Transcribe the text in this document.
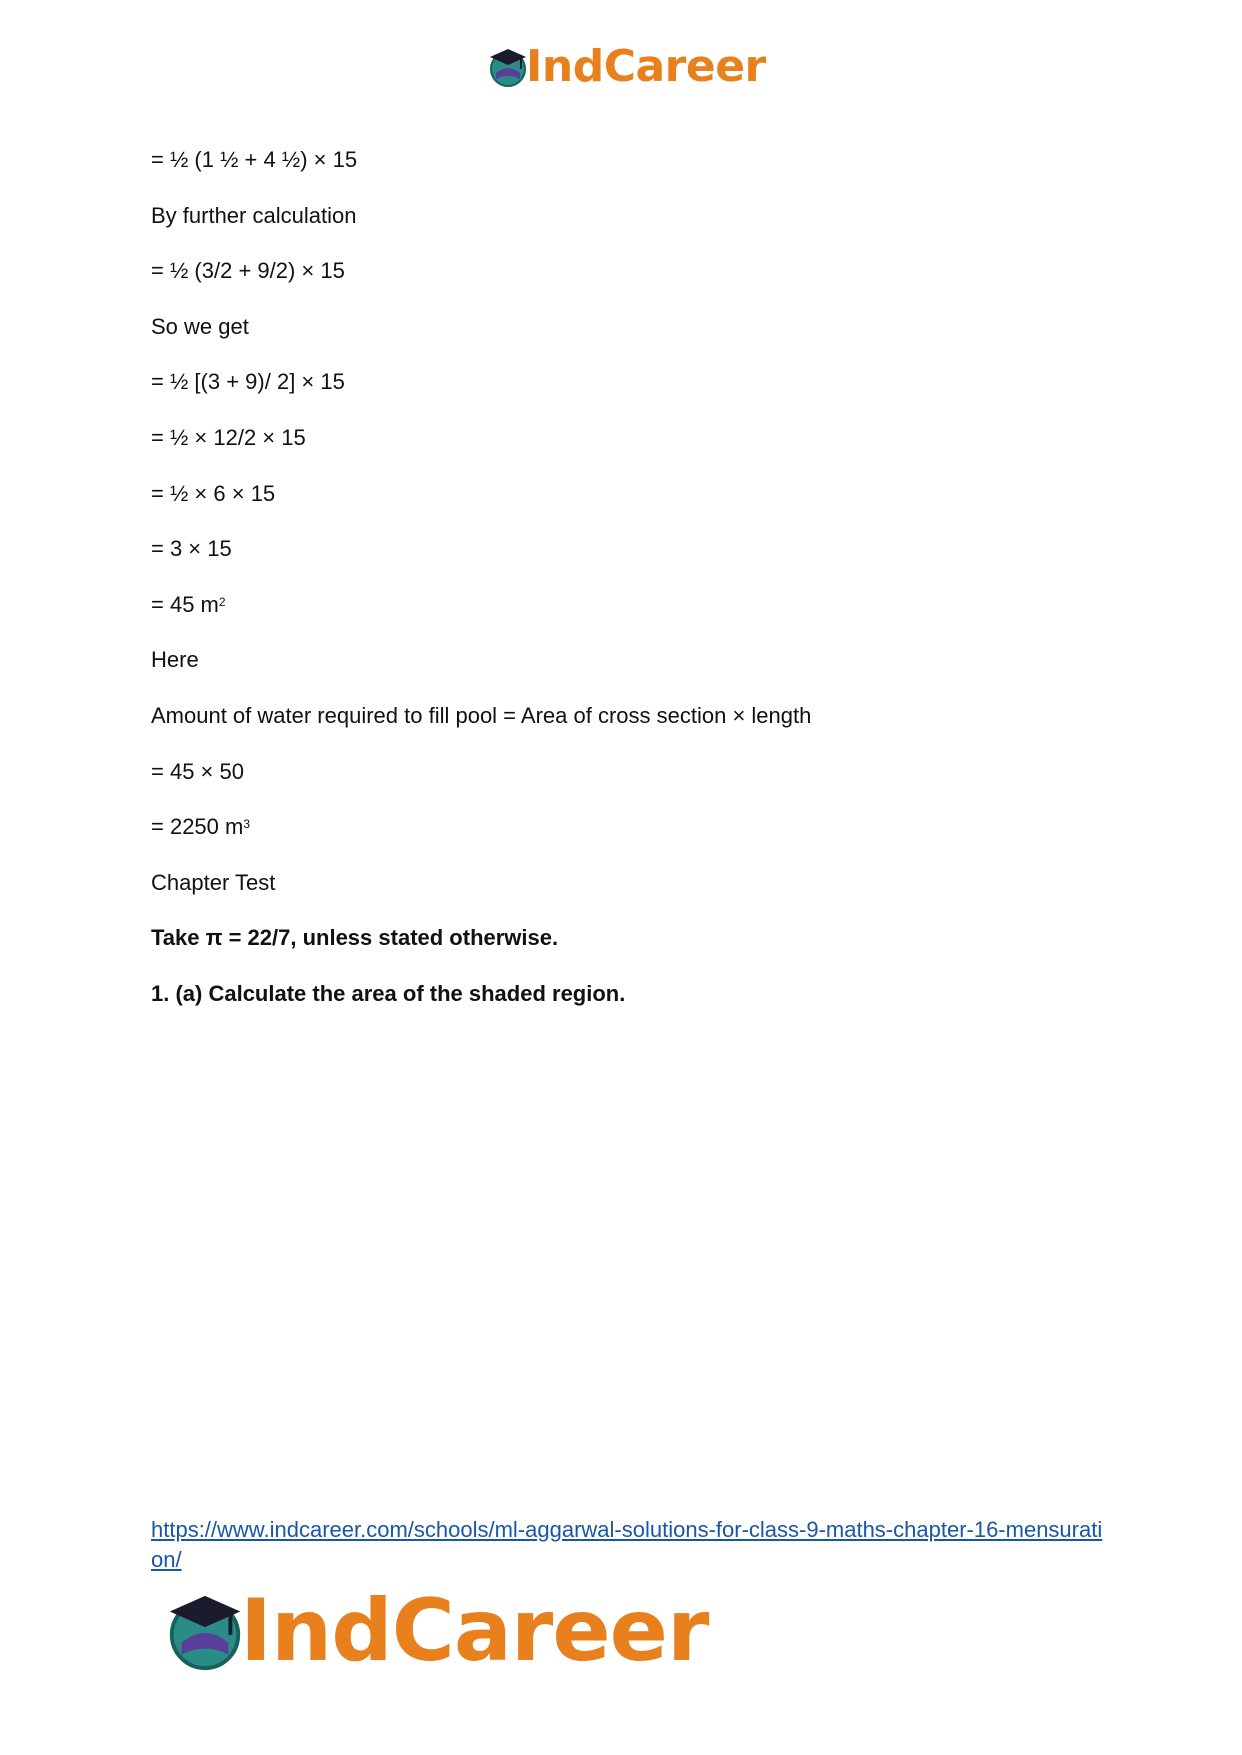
IndCareer
= ½ (1 ½ + 4 ½) × 15
By further calculation
= ½ (3/2 + 9/2) × 15
So we get
= ½ [(3 + 9)/ 2] × 15
= ½ × 12/2 × 15
= ½ × 6 × 15
= 3 × 15
= 45 $m^2$
Here
Amount of water required to fill pool = Area of cross section × length
= 45 × 50
= 2250 $m^3$
Chapter Test
Take π = 22/7, unless stated otherwise.
1. (a) Calculate the area of the shaded region.
https://www.indcareer.com/schools/ml-aggarwal-solutions-for-class-9-maths-chapter-16-mensuration/
IndCareer
